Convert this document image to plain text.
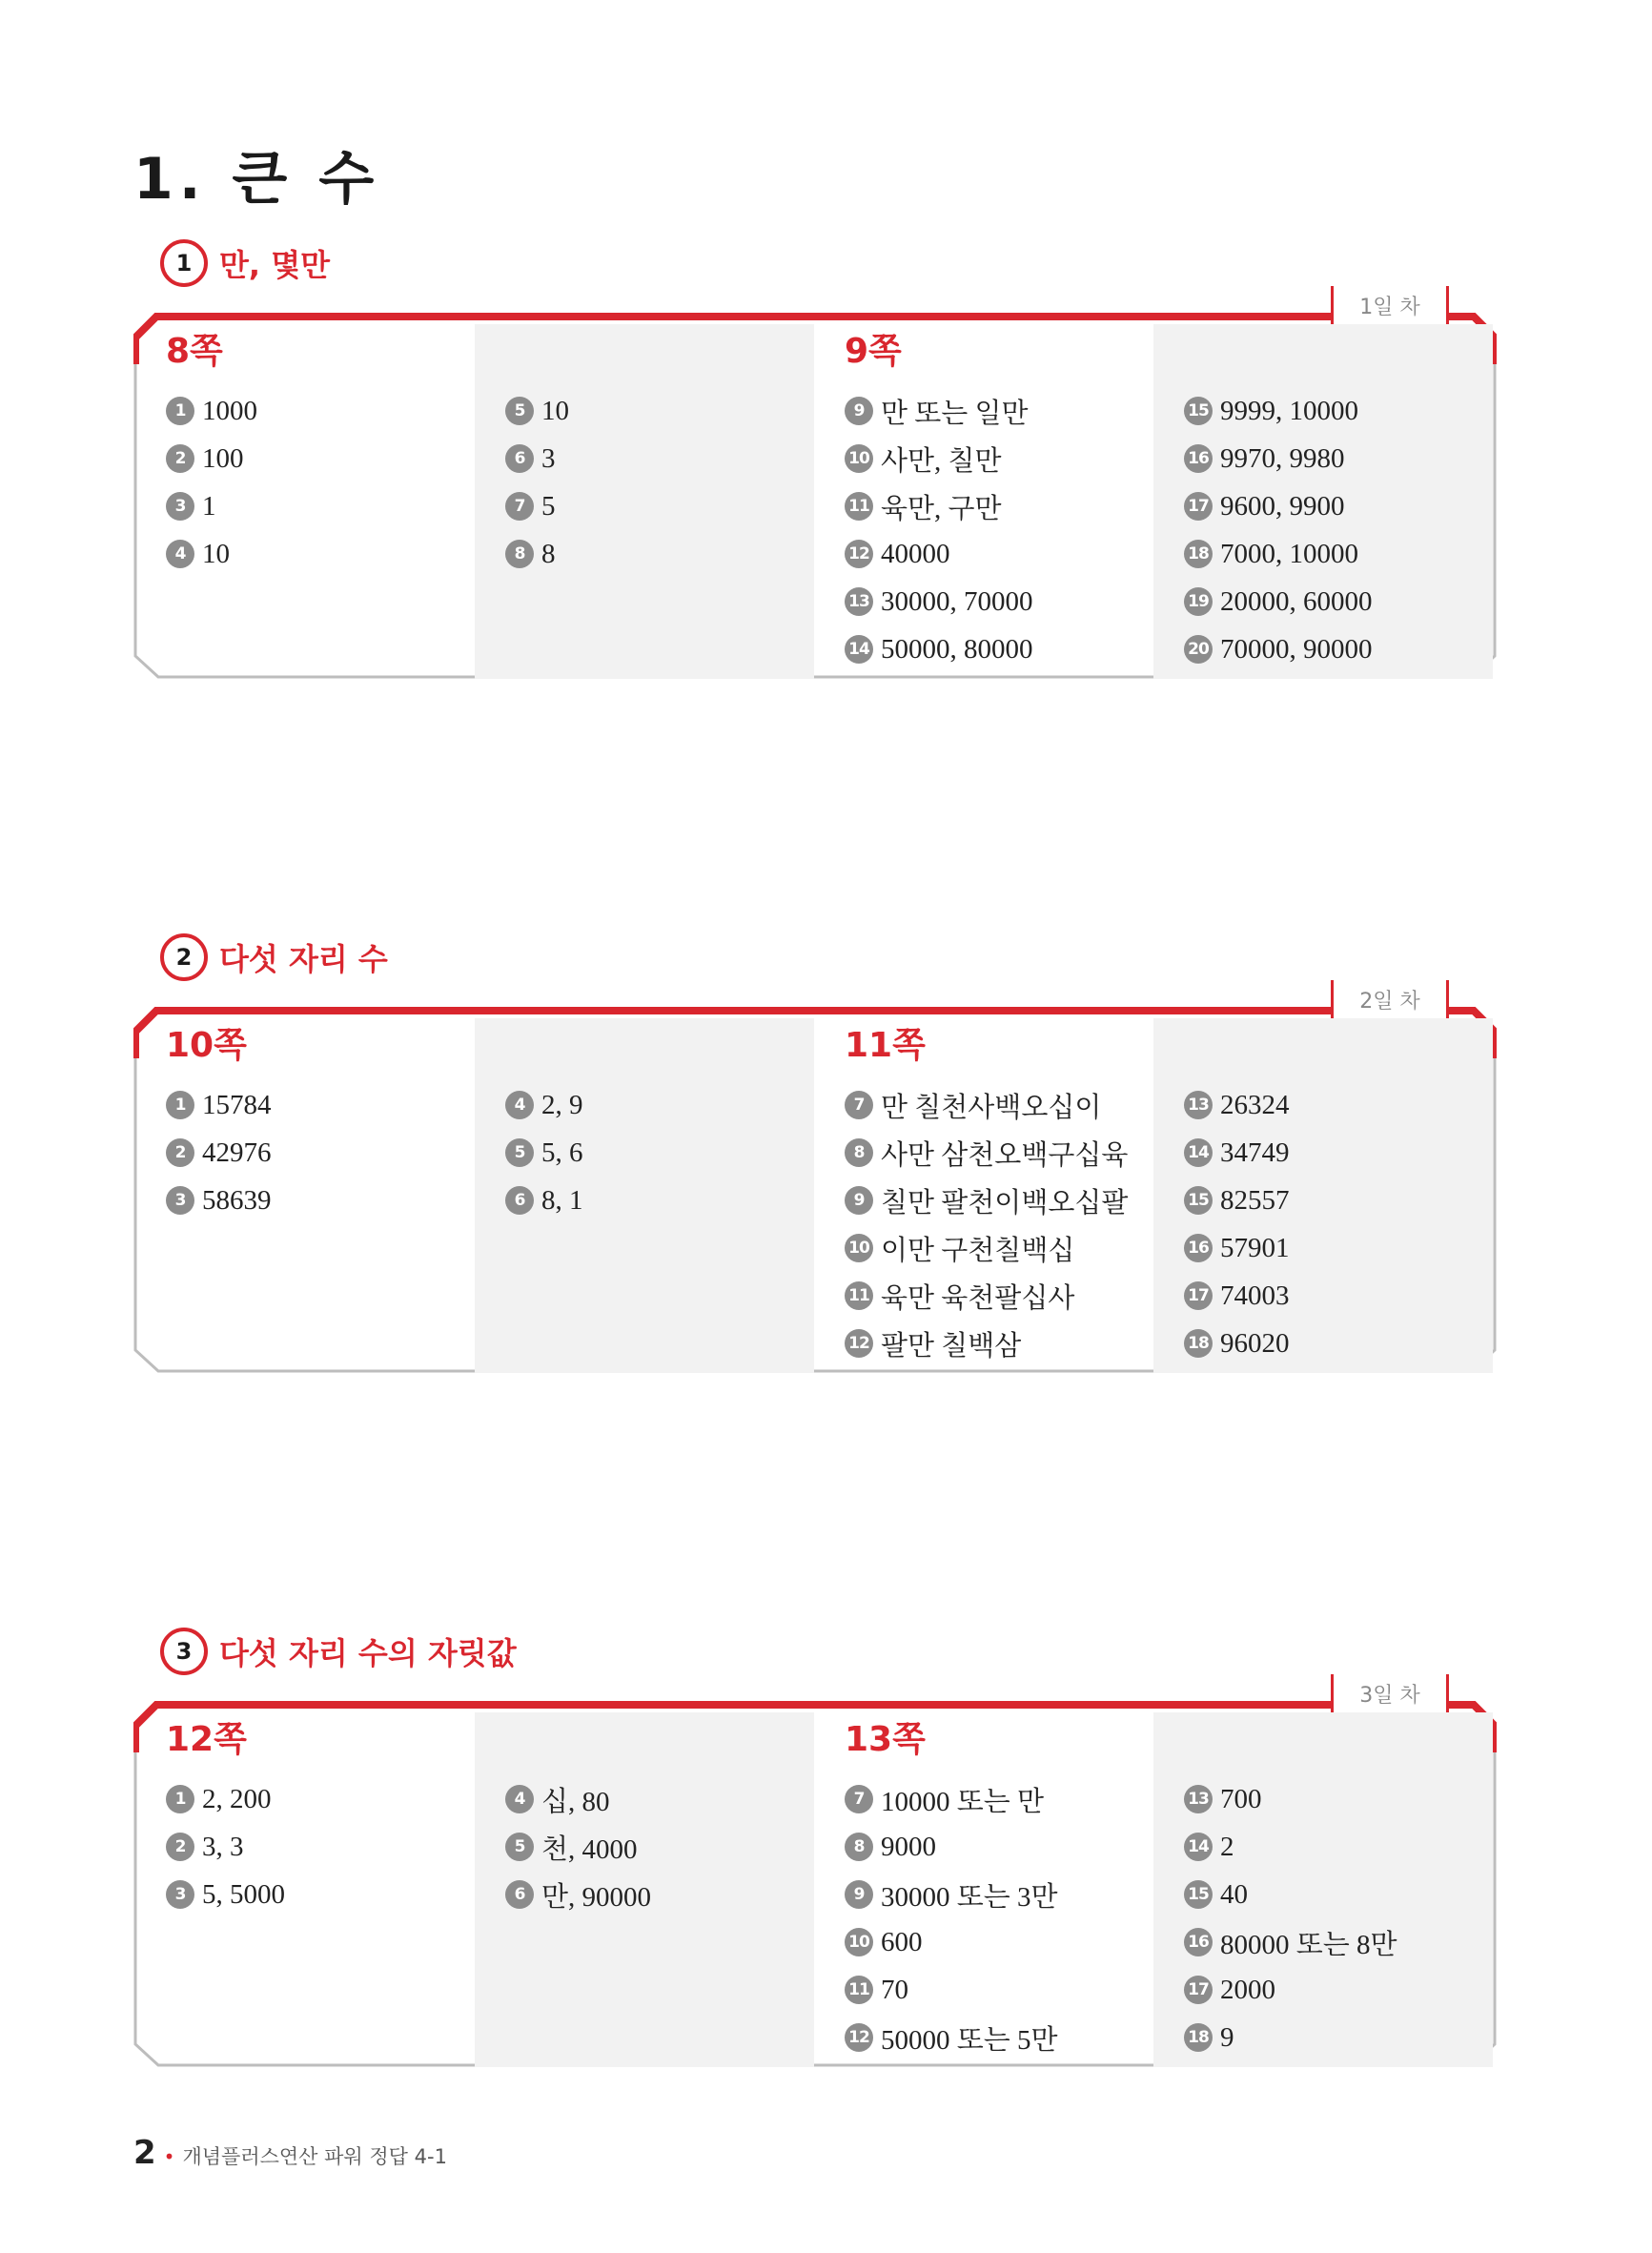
1. 큰 수
8쪽
1 1000
2 100
3 1
4 10
5 10
6 3
7 5
8 8
9쪽
9 만 또는 일만
10 사만, 칠만
11 육만, 구만
12 40000
13 30000, 70000
14 50000, 80000
15 9999, 10000
16 9970, 9980
17 9600, 9900
18 7000, 10000
19 20000, 60000
20 70000, 90000
1 만, 몇만
1일 차
10쪽
1 15784
2 42976
3 58639
4 2, 9
5 5, 6
6 8, 1
11쪽
7 만 칠천사백오십이
8 사만 삼천오백구십육
9 칠만 팔천이백오십팔
10 이만 구천칠백십
11 육만 육천팔십사
12 팔만 칠백삼
13 26324
14 34749
15 82557
16 57901
17 74003
18 96020
2 다섯 자리 수
2일 차
12쪽
1 2, 200
2 3, 3
3 5, 5000
4 십, 80
5 천, 4000
6 만, 90000
13쪽
7 10000 또는 만
8 9000
9 30000 또는 3만
10 600
11 70
12 50000 또는 5만
13 700
14 2
15 40
16 80000 또는 8만
17 2000
18 9
3 다섯 자리 수의 자릿값
3일 차
2 • 개념플러스연산 파워 정답 4-1
